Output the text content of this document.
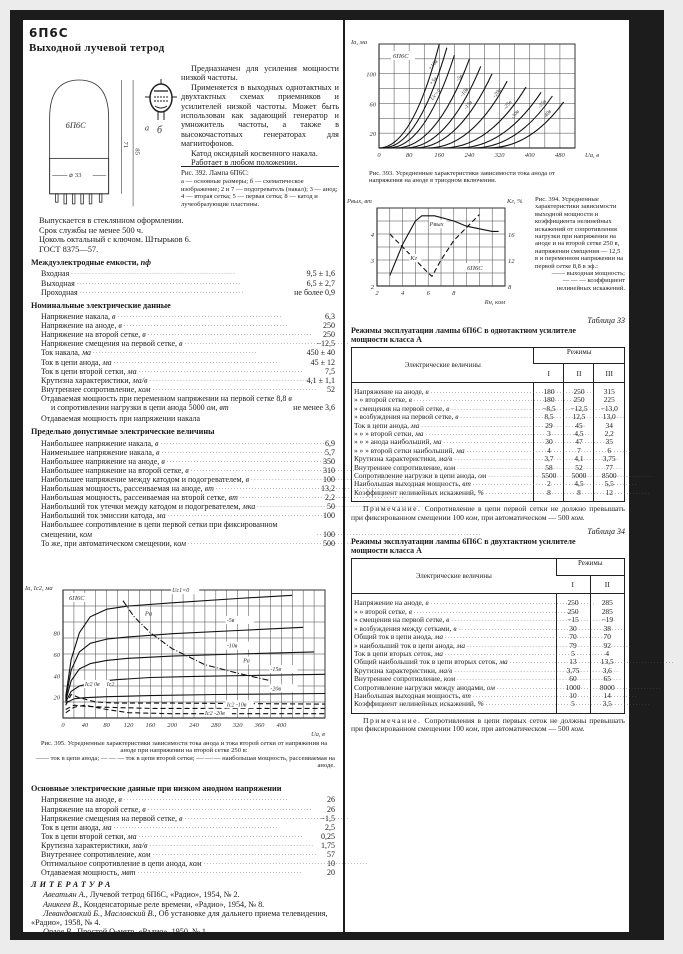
6П6С
Выходной лучевой тетрод
6П6С
⌀ 33
71
85
а б

Предназначен для усиления мощности низкой частоты.

Применяется в выходных однотактных и двухтактных схемах приемников и усилителей низкой частоты. Может быть использован как задающий генератор и умножитель частоты, а также в высокочастотных генераторах для магнитофонов.

Катод оксидный косвенного накала.

Работает в любом положении.

Рис. 392. Лампа 6П6С:
а — основные размеры; б — схематическое изображение; 2 и 7 — подогреватель (накал); 3 — анод; 4 — вторая сетка; 5 — первая сетка; 8 — катод и лучеобразующие пластины.
Выпускается в стеклянном оформлении.
Срок службы не менее 500 ч.
Цоколь октальный с ключом. Штырьков 6.
ГОСТ 8375—57.
Междуэлектродные емкости, пф
Входная . . .	9,5 ± 1,6
Выходная . . .	6,5 ± 2,7
Проходная . . .	не более 0,9
Номинальные электрические данные
Напряжение накала, в . . .	6,3
Напряжение на аноде, в . . .	250
Напряжение на второй сетке, в . . .	250
Напряжение смещения на первой сетке, в . . .	−12,5
Ток накала, ма . . .	450 ± 40
Ток в цепи анода, ма . . .	45 ± 12
Ток в цепи второй сетки, ма . . .	7,5
Крутизна характеристики, ма/в . . .	4,1 ± 1,1
Внутреннее сопротивление, ком . . .	52
Отдаваемая мощность при переменном напряжении на первой сетке 8,8 в
и сопротивлении нагрузки в цепи анода 5000 ом, вт	не менее 3,6
Отдаваемая мощность при напряжении накала
Предельно допустимые электрические величины
Наибольшее напряжение накала, в . . .	6,9
Наименьшее напряжение накала, в . . .	5,7
Наибольшее напряжение на аноде, в . . .	350
Наибольшее напряжение на второй сетке, в . . .	310
Наибольшее напряжение между катодом и подогревателем, в . . .	100
Наибольшая мощность, рассеиваемая на аноде, вт . . .	13,2
Наибольшая мощность, рассеиваемая на второй сетке, вт . . .	2,2
Наибольший ток утечки между катодом и подогревателем, мка . . .	50
Наибольший ток эмиссии катода, ма . . .	100
Наибольшее сопротивление в цепи первой сетки при фиксированном смещении, ком . . .	100
То же, при автоматическом смещении, ком . . .	500
0	40 80 120 160 200 240 280 320 360 400
20
40
60
80
6П6С
Ia, Ic2, ма
Ua, в
Uc1=0
-5в
-10в
-15в
-20в
Ic2 -10в
Ic2 -20в
Ic2 0в
Pa
Pa
Ic2
Рис. 395. Усредненные характеристики зависимости тока анода и тока второй сетки от напряжения на аноде при напряжении на второй сетке 250 в:
—— ток в цепи анода; — — — ток в цепи второй сетки; —·—·— наибольшая мощность, рассеиваемая на аноде.
Основные электрические данные при низком анодном напряжении
Напряжение на аноде, в . . .	26
Напряжение на второй сетке, в . . .	26
Напряжение смещения на первой сетке, в . . .	−1,5
Ток в цепи анода, ма . . .	2,5
Ток в цепи второй сетки, ма . . .	0,25
Крутизна характеристики, ма/в . . .	1,75
Внутреннее сопротивление, ком . . .	57
Оптимальное сопротивление в цепи анода, ком . . .	10
Отдаваемая мощность, мвт . . .	20
ЛИТЕРАТУРА

Авеатьян А., Лучевой тетрод 6П6С, «Радио», 1954, № 2.

Аникеев В., Конденсаторные реле времени, «Радио», 1954, № 8.

Левандовский Б., Масловский В., Об установке для дальнего приема телевидения, «Радио», 1958, № 4.

Орлов В., Простой Q-метр, «Радио», 1950, № 1.

0	80	160	240	320	400	480
20
60
100
6П6С
Ia, ма
Ua, в
+10в
+5в
Uc=0
-5в
-10в
-15в
-20в
-25в
-30в
-35в
-40в
Рис. 393. Усредненные характеристики зависимости тока анода от напряжения на аноде в триодном включении.
2	4	6	8
2
3
4
8
12
16
6П6С
Pвых, вт	Kг, %
Rн, ком
Pвых
Kг
Рис. 394. Усредненные характеристики зависимости выходной мощности и коэффициента нелинейных искажений от сопротивления нагрузки при напряжении на аноде и на второй сетке 250 в, напряжении смещения — 12,5 в и переменном напряжении на первой сетке 8,8 в эф.:
—— выходная мощность;
— — — коэффициент нелинейных искажений.
Таблица 33
Режимы эксплуатации лампы 6П6С в однотактном усилителе мощности класса А
Электрические величины	Режимы		
	I	II	III

Напряжение на аноде, в
. . .	180	250	315

» » второй сетке, в
. . .	180	250	225

» смещения на первой сетке, в
. . .	−8,5	−12,5	−13,0

» возбуждения на первой сетке, в
. . .	8,5	12,5	13,0

Ток в цепи анода, ма
. . .	29	45	34

» » » второй сетки, ма
. . .	3	4,5	2,2

» » » анода наибольший, ма
. . .	30	47	35

» » » второй сетки наибольший, ма
. . .	4	7	6

Крутизна характеристики, ма/в
. . .	3,7	4,1	3,75

Внутреннее сопротивление, ком
. . .	58	52	77

Сопротивление нагрузки в цепи анода, ом
. . .	5500	5000	8500

Наибольшая выходная мощность, вт
. . .	2	4,5	5,5

Коэффициент нелинейных искажений, %
. . .	8	8	12

Примечание. Сопротивление в цепи первой сетки не должно превышать при фиксированном смещении 100 ком, при автоматическом — 500 ком.
Таблица 34
Режимы эксплуатации лампы 6П6С в двухтактном усилителе мощности класса А
Электрические величины	Режимы	
	I	II

Напряжение на аноде, в
. . .	250	285

» » второй сетке, в
. . .	250	285

» смещения на первой сетке, в
. . .	−15	−19

» возбуждения между сетками, в
. . .	30	38

Общий ток в цепи анода, ма
. . .	70	70

» наибольший ток в цепи анода, ма
. . .	79	92

Ток в цепи вторых сеток, ма
. . .	5	4

Общий наибольший ток в цепи вторых сеток, ма
. . .	13	13,5

Крутизна характеристики, ма/в
. . .	3,75	3,6

Внутреннее сопротивление, ком
. . .	60	65

Сопротивление нагрузки между анодами, ом
. . .	1000	8000

Наибольшая выходная мощность, вт
. . .	10	14

Коэффициент нелинейных искажений, %
. . .	5	3,5

Примечание. Сопротивления в цепи первых сеток не должны превышать при фиксированном смещении 100 ком, при автоматическом — 500 ком.
